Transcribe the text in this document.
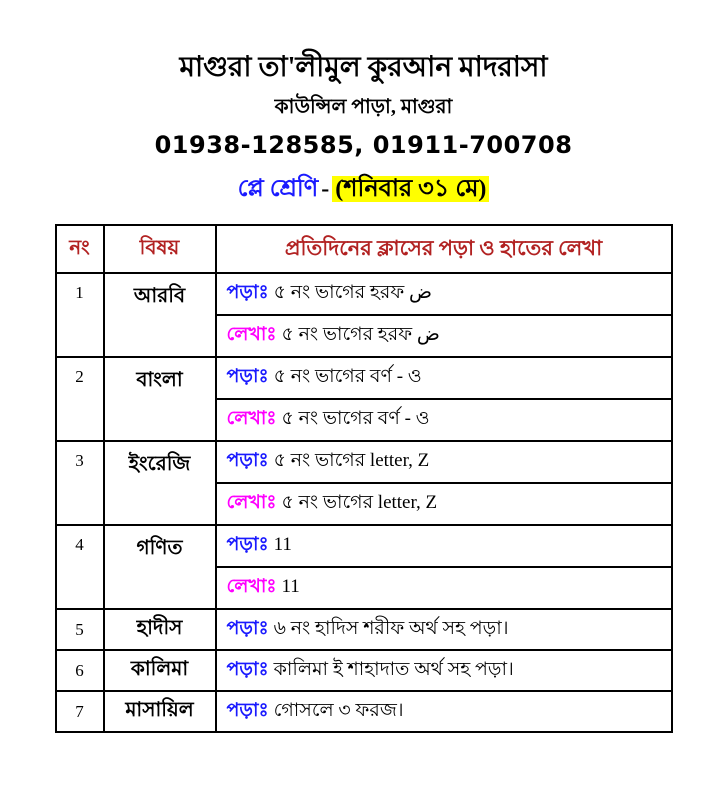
মাগুরা তা'লীমুল কুরআন মাদরাসা
কাউন্সিল পাড়া, মাগুরা
01938-128585, 01911-700708
প্লে শ্রেণি - (শনিবার ৩১ মে)
নং	বিষয়	প্রতিদিনের ক্লাসের পড়া ও হাতের লেখা
1	আরবি	পড়াঃ ৫ নং ভাগের হরফ ض
		লেখাঃ ৫ নং ভাগের হরফ ض
2	বাংলা	পড়াঃ ৫ নং ভাগের বর্ণ - ও
		লেখাঃ ৫ নং ভাগের বর্ণ - ও
3	ইংরেজি	পড়াঃ ৫ নং ভাগের letter, Z
		লেখাঃ ৫ নং ভাগের letter, Z
4	গণিত	পড়াঃ 11
		লেখাঃ 11
5	হাদীস	পড়াঃ ৬ নং হাদিস শরীফ অর্থ সহ পড়া।
6	কালিমা	পড়াঃ কালিমা ই শাহাদাত অর্থ সহ পড়া।
7	মাসায়িল	পড়াঃ গোসলে ৩ ফরজ।
